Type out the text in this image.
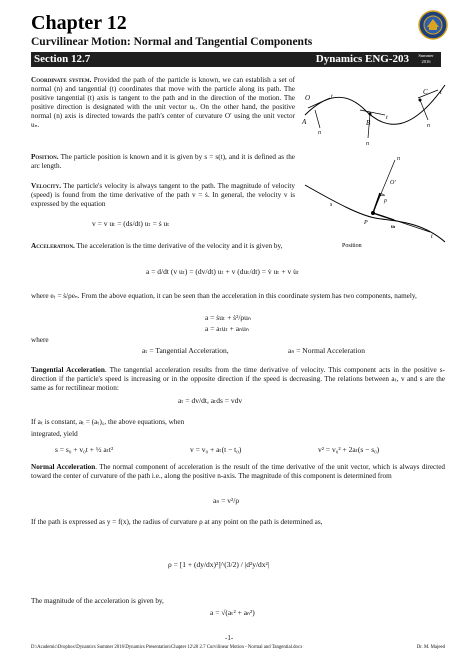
Chapter 12
Curvilinear Motion: Normal and Tangential Components
Section 12.7	Dynamics ENG-203	Summer
2016
Coordinate system. Provided the path of the particle is known, we can establish a set of normal (n) and tangential (t) coordinates that move with the particle along its path. The positive tangential (t) axis is tangent to the path and in the direction of the motion. The positive direction is designated with the unit vector uₜ. On the other hand, the positive normal (n) axis is directed towards the path's center of curvature O′ using the unit vector uₙ.	A	B
C
O	t
n
t
n
t
n
Position. The particle position is known and it is given by s = s(t), and it is defined as the arc length.
n
O′
ρ
P
s
uₙ
uₜ
t
Position
Velocity. The particle's velocity is always tangent to the path. The magnitude of velocity (speed) is found from the time derivative of the path v = ṡ. In general, the velocity v is expressed by the equation
v = v uₜ = (ds/dt) uₜ = ṡ uₜ
Acceleration. The acceleration is the time derivative of the velocity and it is given by,
a = d/dt (v uₜ) = (dv/dt) uₜ + v (duₜ/dt) = v̇ uₜ + v u̇ₜ
where eₜ = ṡ/ρeₙ. From the above equation, it can be seen than the acceleration in this coordinate system has two components, namely,
a = ṡuₜ + ṡ²/ρuₙ
a = aₜuₜ + aₙuₙ
where
aₜ = Tangential Acceleration,	aₙ = Normal Acceleration
Tangential Acceleration. The tangential acceleration results from the time derivative of velocity. This component acts in the positive s-direction if the particle's speed is increasing or in the opposite direction if the speed is decreasing. The relations between aₜ, v and s are the same as for rectilinear motion:
aₜ = dv/dt, aₜds = vdv
If aₜ is constant, aₜ = (aₜ)꜀, the above equations, when
integrated, yield
s = s₀ + v₀t + ½ aₜt²	v = v₀ + aₜ(t − t₀)	v² = v₀² + 2aₜ(s − s₀)
Normal Acceleration. The normal component of acceleration is the result of the time derivative of the unit vector, which is always directed toward the center of curvature of the path i.e., along the positive n-axis. The magnitude of this component is determined from
aₙ = v²/ρ
If the path is expressed as y = f(x), the radius of curvature ρ at any point on the path is determined as,
ρ = [1 + (dy/dx)²]^(3/2) / |d²y/dx²|
The magnitude of the acceleration is given by,
a = √(aₜ² + aₙ²)
-1-
D:\Academic\Dropbox\Dynamics Summer 2016\Dynamics Presentation\Chapter 12\20 2.7 Curvilinear Motion - Normal and Tangential.docx	Dr. M. Majeed
